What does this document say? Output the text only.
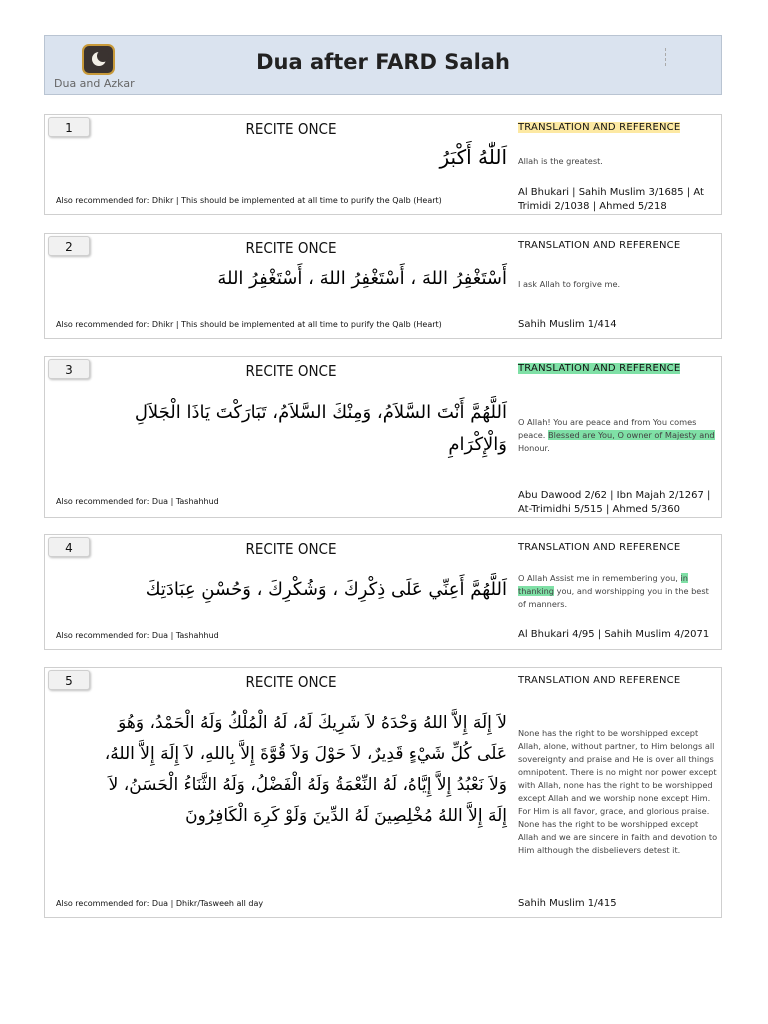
Dua and Azkar
Dua after FARD Salah
1	RECITE ONCE
اَللّٰهُ أَكْبَرُ
Also recommended for: Dhikr | This should be implemented at all time to purify the Qalb (Heart)
TRANSLATION AND REFERENCE
Allah is the greatest.
Al Bhukari | Sahih Muslim 3/1685 | At Trimidi 2/1038 | Ahmed 5/218
2	RECITE ONCE
أَسْتَغْفِرُ اللهَ ، أَسْتَغْفِرُ اللهَ ، أَسْتَغْفِرُ اللهَ
Also recommended for: Dhikr | This should be implemented at all time to purify the Qalb (Heart)
TRANSLATION AND REFERENCE
I ask Allah to forgive me.
Sahih Muslim 1/414
3	RECITE ONCE
اَللَّهُمَّ أَنْتَ السَّلاَمُ، وَمِنْكَ السَّلاَمُ، تَبَارَكْتَ يَاذَا الْجَلاَلِ وَالْإِكْرَامِ
Also recommended for: Dua | Tashahhud
TRANSLATION AND REFERENCE
O Allah! You are peace and from You comes peace. Blessed are You, O owner of Majesty and Honour.
Abu Dawood 2/62 | Ibn Majah 2/1267 | At-Trimidhi 5/515 | Ahmed 5/360
4	RECITE ONCE
اَللَّهُمَّ أَعِنِّي عَلَى ذِكْرِكَ ، وَشُكْرِكَ ، وَحُسْنِ عِبَادَتِكَ
Also recommended for: Dua | Tashahhud
TRANSLATION AND REFERENCE
O Allah Assist me in remembering you, in thanking you, and worshipping you in the best of manners.
Al Bhukari 4/95 | Sahih Muslim 4/2071
5	RECITE ONCE
لاَ إِلَهَ إِلاَّ اللهُ وَحْدَهُ لاَ شَرِيكَ لَهُ، لَهُ الْمُلْكُ وَلَهُ الْحَمْدُ، وَهُوَ عَلَى كُلِّ شَيْءٍ قَدِيرٌ، لاَ حَوْلَ وَلاَ قُوَّةَ إِلاَّ بِاللهِ، لاَ إِلَهَ إِلاَّ اللهُ، وَلاَ نَعْبُدُ إِلاَّ إِيَّاهُ، لَهُ النِّعْمَةُ وَلَهُ الْفَضْلُ، وَلَهُ الثَّنَاءُ الْحَسَنُ، لاَ إِلَهَ إِلاَّ اللهُ مُخْلِصِينَ لَهُ الدِّينَ وَلَوْ كَرِهَ الْكَافِرُونَ
Also recommended for: Dua | Dhikr/Tasweeh all day
TRANSLATION AND REFERENCE
None has the right to be worshipped except Allah, alone, without partner, to Him belongs all sovereignty and praise and He is over all things omnipotent. There is no might nor power except with Allah, none has the right to be worshipped except Allah and we worship none except Him. For Him is all favor, grace, and glorious praise. None has the right to be worshipped except Allah and we are sincere in faith and devotion to Him although the disbelievers detest it.
Sahih Muslim 1/415
